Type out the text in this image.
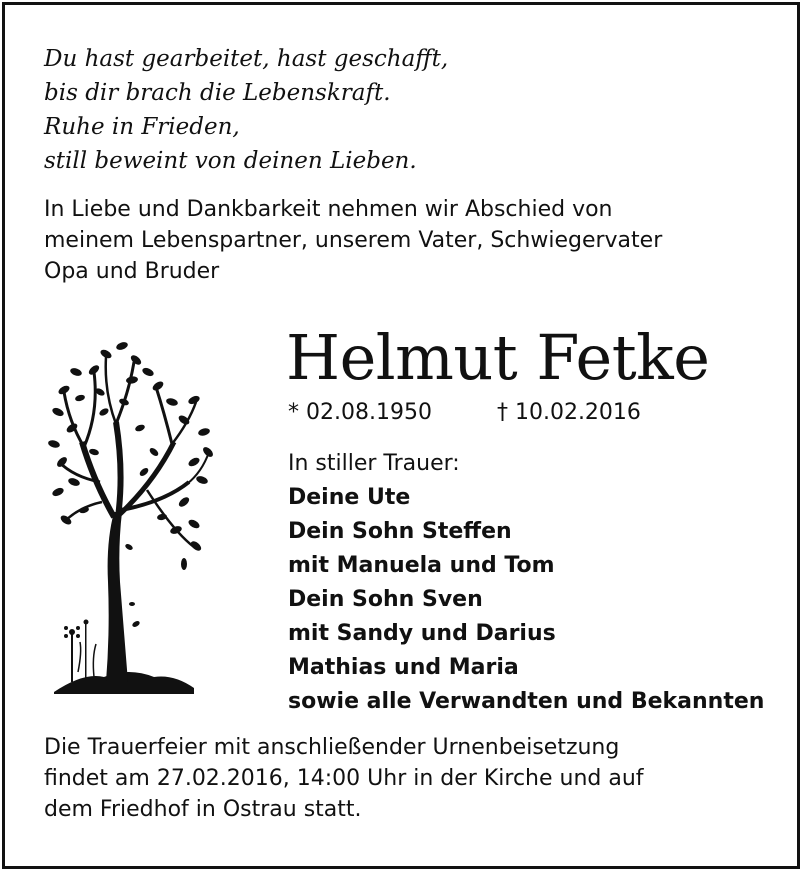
Du hast gearbeitet, hast geschafft,
bis dir brach die Lebenskraft.
Ruhe in Frieden,
still beweint von deinen Lieben.
In Liebe und Dankbarkeit nehmen wir Abschied von
meinem Lebenspartner, unserem Vater, Schwiegervater
Opa und Bruder
Helmut Fetke
* 02.08.1950	† 10.02.2016
In stiller Trauer:
Deine Ute
Dein Sohn Steffen
mit Manuela und Tom
Dein Sohn Sven
mit Sandy und Darius
Mathias und Maria
sowie alle Verwandten und Bekannten
Die Trauerfeier mit anschließender Urnenbeisetzung
findet am 27.02.2016, 14:00 Uhr in der Kirche und auf
dem Friedhof in Ostrau statt.
